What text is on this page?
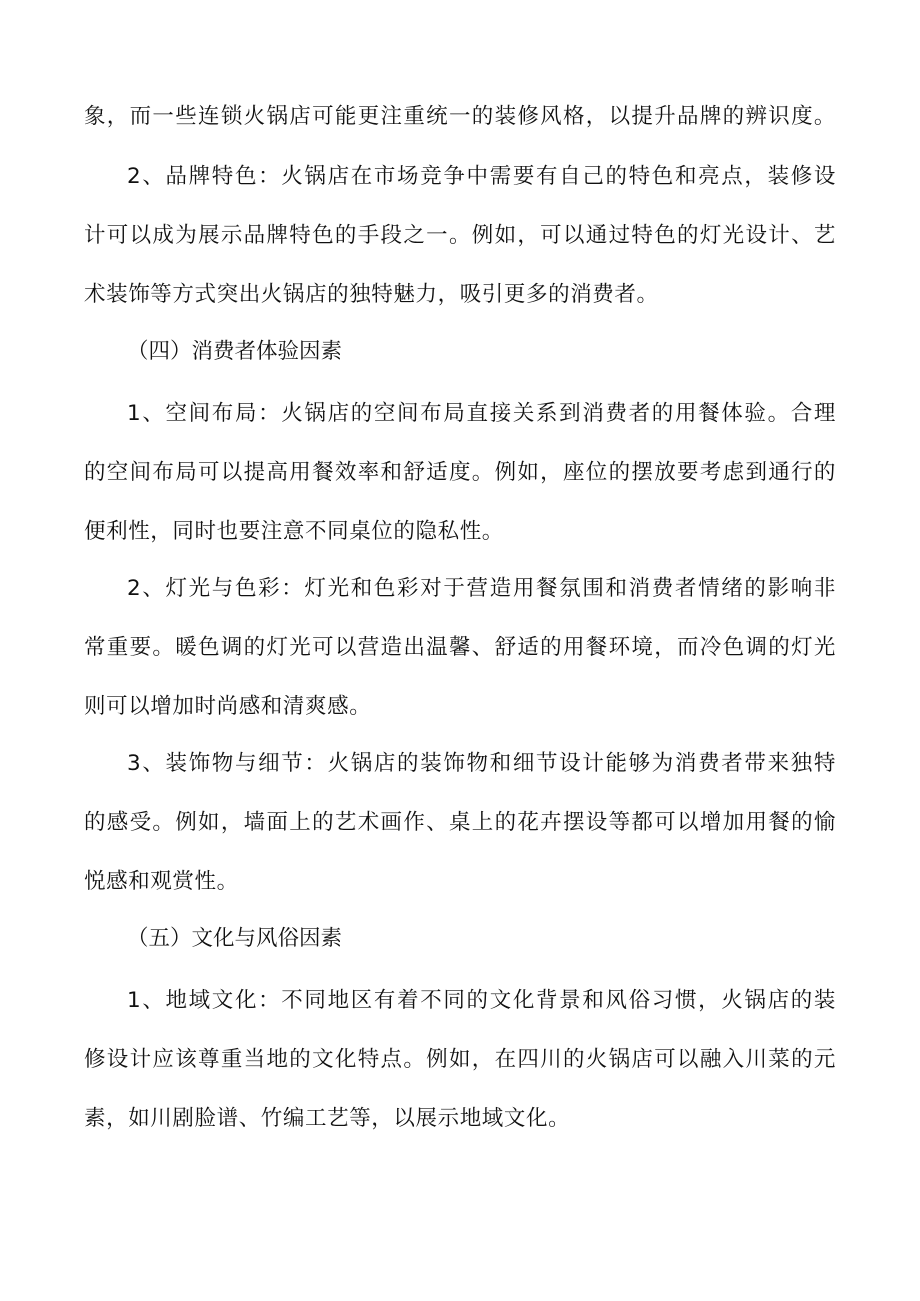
象，而一些连锁火锅店可能更注重统一的装修风格，以提升品牌的辨识度。
2、品牌特色：火锅店在市场竞争中需要有自己的特色和亮点，装修设
计可以成为展示品牌特色的手段之一。例如，可以通过特色的灯光设计、艺
术装饰等方式突出火锅店的独特魅力，吸引更多的消费者。
（四）消费者体验因素
1、空间布局：火锅店的空间布局直接关系到消费者的用餐体验。合理
的空间布局可以提高用餐效率和舒适度。例如，座位的摆放要考虑到通行的
便利性，同时也要注意不同桌位的隐私性。
2、灯光与色彩：灯光和色彩对于营造用餐氛围和消费者情绪的影响非
常重要。暖色调的灯光可以营造出温馨、舒适的用餐环境，而冷色调的灯光
则可以增加时尚感和清爽感。
3、装饰物与细节：火锅店的装饰物和细节设计能够为消费者带来独特
的感受。例如，墙面上的艺术画作、桌上的花卉摆设等都可以增加用餐的愉
悦感和观赏性。
（五）文化与风俗因素
1、地域文化：不同地区有着不同的文化背景和风俗习惯，火锅店的装
修设计应该尊重当地的文化特点。例如，在四川的火锅店可以融入川菜的元
素，如川剧脸谱、竹编工艺等，以展示地域文化。
